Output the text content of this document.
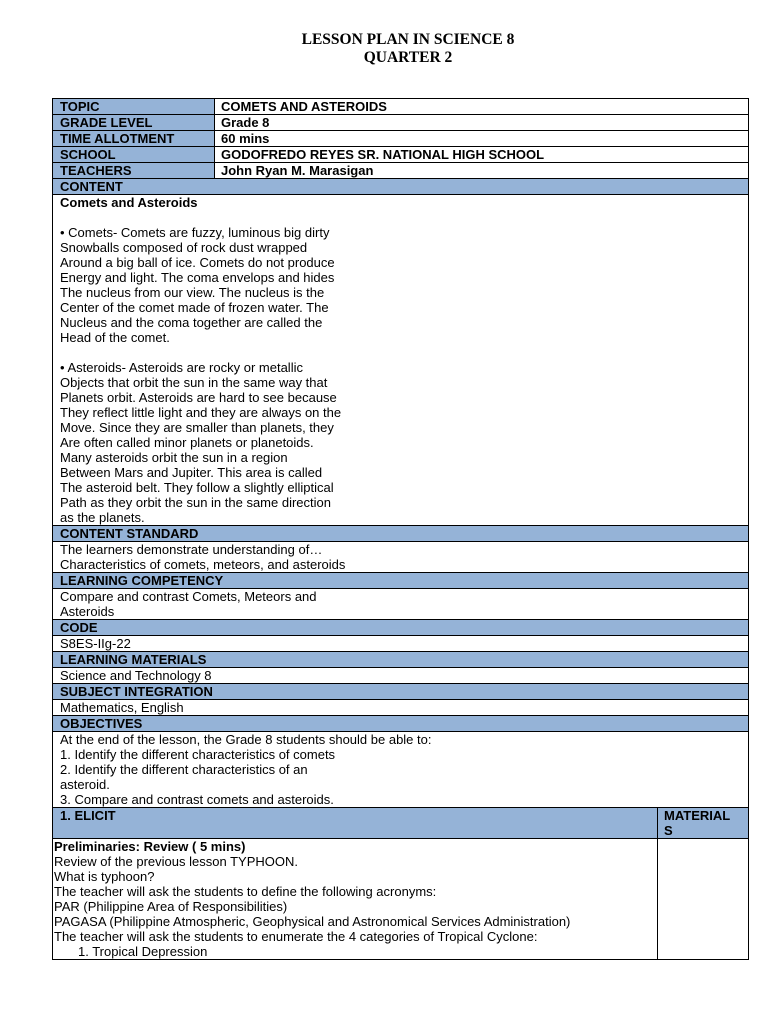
LESSON PLAN IN SCIENCE 8
QUARTER 2
TOPIC	COMETS AND ASTEROIDS
GRADE LEVEL	Grade 8
TIME ALLOTMENT	60 mins
SCHOOL	GODOFREDO REYES SR. NATIONAL HIGH SCHOOL
TEACHERS	John Ryan M. Marasigan
CONTENT
Comets and Asteroids
• Comets- Comets are fuzzy, luminous big dirty
Snowballs composed of rock dust wrapped
Around a big ball of ice. Comets do not produce
Energy and light. The coma envelops and hides
The nucleus from our view. The nucleus is the
Center of the comet made of frozen water. The
Nucleus and the coma together are called the
Head of the comet.
• Asteroids- Asteroids are rocky or metallic
Objects that orbit the sun in the same way that
Planets orbit. Asteroids are hard to see because
They reflect little light and they are always on the
Move. Since they are smaller than planets, they
Are often called minor planets or planetoids.
Many asteroids orbit the sun in a region
Between Mars and Jupiter. This area is called
The asteroid belt. They follow a slightly elliptical
Path as they orbit the sun in the same direction
as the planets.
CONTENT STANDARD
The learners demonstrate understanding of…
Characteristics of comets, meteors, and asteroids
LEARNING COMPETENCY
Compare and contrast Comets, Meteors and
Asteroids
CODE
S8ES-IIg-22
LEARNING MATERIALS
Science and Technology 8
SUBJECT INTEGRATION
Mathematics, English
OBJECTIVES
At the end of the lesson, the Grade 8 students should be able to:
1. Identify the different characteristics of comets
2. Identify the different characteristics of an
asteroid.
3. Compare and contrast comets and asteroids.
1. ELICIT	MATERIAL
S
Preliminaries: Review ( 5 mins)
Review of the previous lesson TYPHOON.
What is typhoon?
The teacher will ask the students to define the following acronyms:
PAR (Philippine Area of Responsibilities)
PAGASA (Philippine Atmospheric, Geophysical and Astronomical Services Administration)
The teacher will ask the students to enumerate the 4 categories of Tropical Cyclone:
1. Tropical Depression
